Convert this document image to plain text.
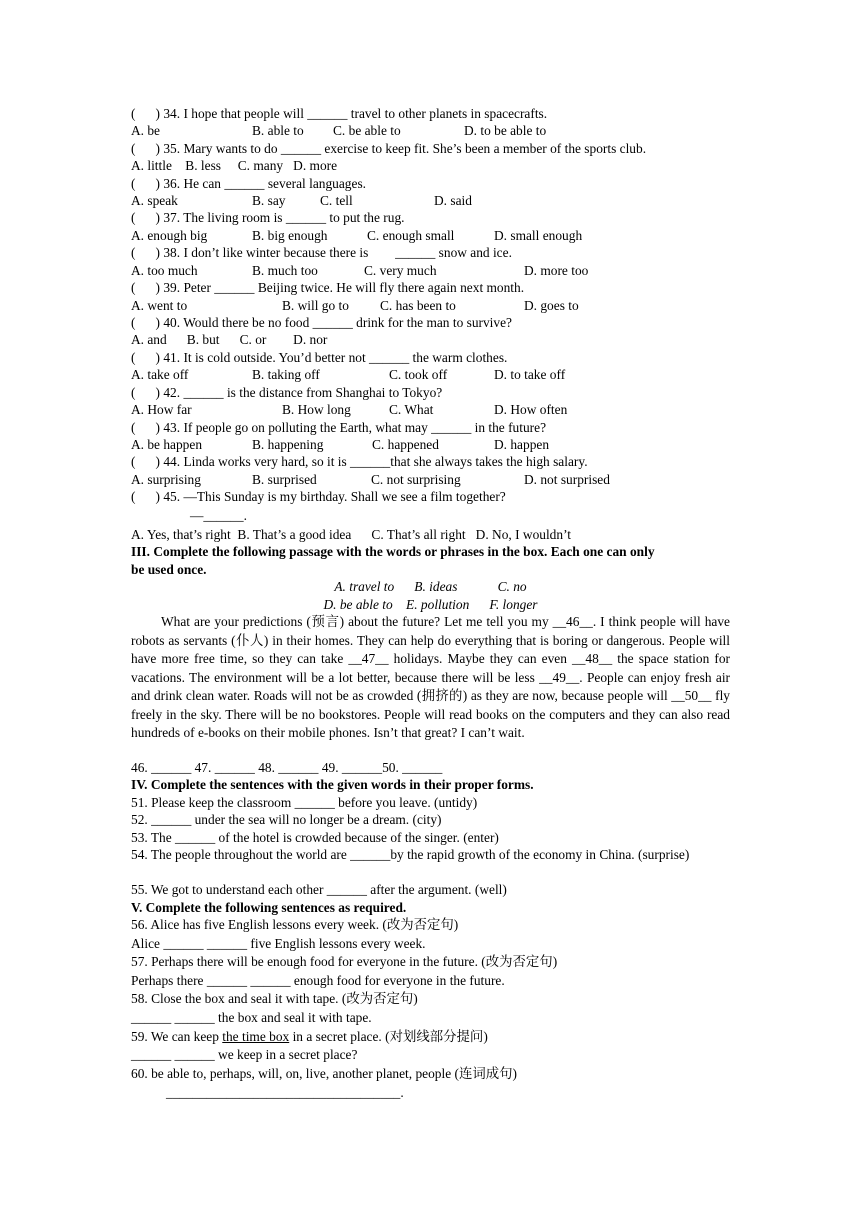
(      ) 34. I hope that people will ______ travel to other planets in spacecrafts.
A. be	B. able to C. be able to	D. to be able to
(      ) 35. Mary wants to do ______ exercise to keep fit. She’s been a member of the sports club.
A. little    B. less     C. many   D. more
(      ) 36. He can ______ several languages.
A. speak	B. say	C. tell	D. said
(      ) 37. The living room is ______ to put the rug.
A. enough big	B. big enough	C. enough small	D. small enough
(      ) 38. I don’t like winter because there is        ______ snow and ice.
A. too much	B. much too	C. very much	D. more too
(      ) 39. Peter ______ Beijing twice. He will fly there again next month.
A. went to	B. will go to C. has been to	D. goes to
(      ) 40. Would there be no food ______ drink for the man to survive?
A. and      B. but      C. or        D. nor
(      ) 41. It is cold outside. You’d better not ______ the warm clothes.
A. take off	B. taking off	C. took off	D. to take off
(      ) 42. ______ is the distance from Shanghai to Tokyo?
A. How far	B. How long	C. What	D. How often
(      ) 43. If people go on polluting the Earth, what may ______ in the future?
A. be happen	B. happening	C. happened	D. happen
(      ) 44. Linda works very hard, so it is ______that she always takes the high salary.
A. surprising	B. surprised	C. not surprising	D. not surprised
(      ) 45. —This Sunday is my birthday. Shall we see a film together?
—______.
A. Yes, that’s right  B. That’s a good idea      C. That’s all right   D. No, I wouldn’t
III. Complete the following passage with the words or phrases in the box. Each one can only
be used once.
A. travel to      B. ideas            C. no
D. be able to    E. pollution      F. longer
What are your predictions (预言) about the future? Let me tell you my __46__. I think people will have robots as servants (仆人) in their homes. They can help do everything that is boring or dangerous. People will have more free time, so they can take __47__ holidays. Maybe they can even __48__ the space station for vacations. The environment will be a lot better, because there will be less __49__. People can enjoy fresh air and drink clean water. Roads will not be as crowded (拥挤的) as they are now, because people will __50__ fly freely in the sky. There will be no bookstores. People will read books on the computers and they can also read hundreds of e-books on their mobile phones. Isn’t that great? I can’t wait.
46. ______ 47. ______ 48. ______ 49. ______50. ______
IV. Complete the sentences with the given words in their proper forms.
51. Please keep the classroom ______ before you leave. (untidy)
52. ______ under the sea will no longer be a dream. (city)
53. The ______ of the hotel is crowded because of the singer. (enter)
54. The people throughout the world are ______by the rapid growth of the economy in China. (surprise)
55. We got to understand each other ______ after the argument. (well)
V. Complete the following sentences as required.
56. Alice has five English lessons every week. (改为否定句)
Alice ______ ______ five English lessons every week.
57. Perhaps there will be enough food for everyone in the future. (改为否定句)
Perhaps there ______ ______ enough food for everyone in the future.
58. Close the box and seal it with tape. (改为否定句)
______ ______ the box and seal it with tape.
59. We can keep the time box in a secret place. (对划线部分提问)
______ ______ we keep in a secret place?
60. be able to, perhaps, will, on, live, another planet, people (连词成句)
___________________________________.
